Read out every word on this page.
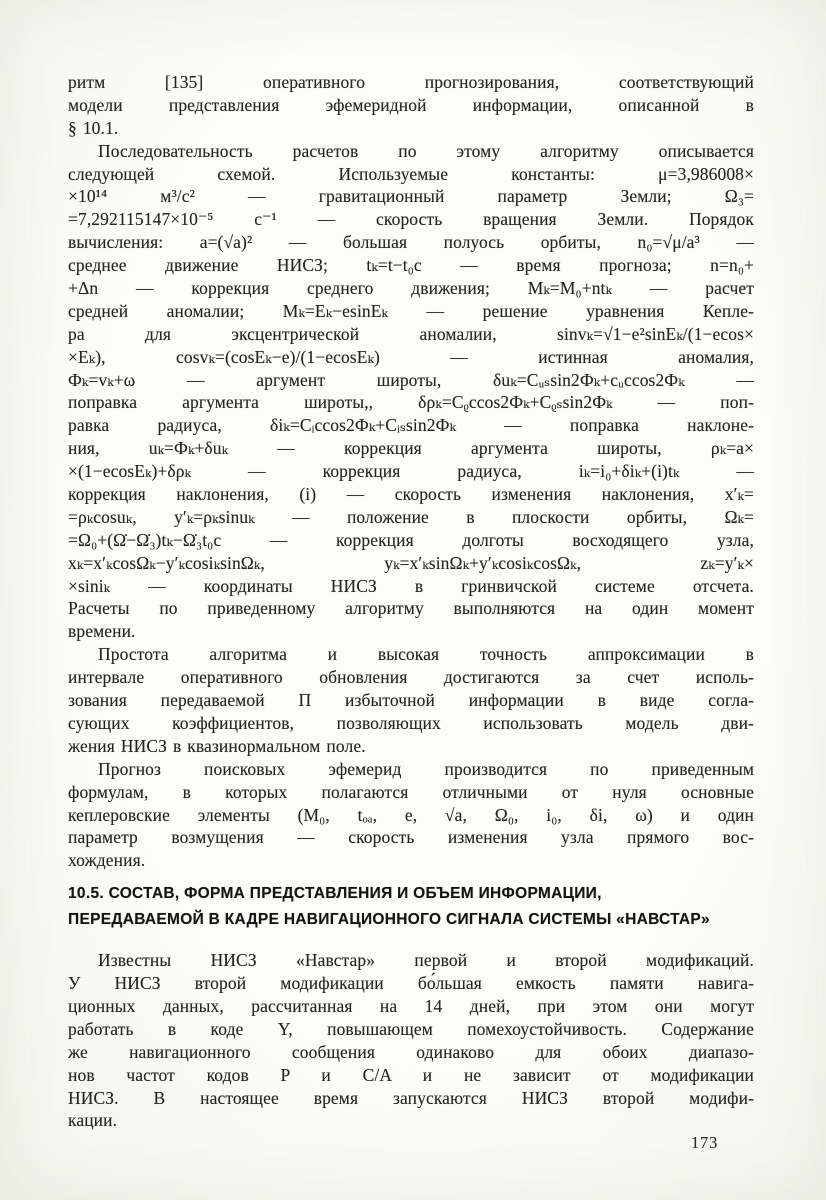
ритм [135] оперативного прогнозирования, соответствующий
модели представления эфемеридной информации, описанной в
§ 10.1.
Последовательность расчетов по этому алгоритму описывается
следующей схемой. Используемые константы: μ=3,986008×
×10¹⁴ м³/с² — гравитационный параметр Земли; Ω₃=
=7,292115147×10⁻⁵ с⁻¹ — скорость вращения Земли. Порядок
вычисления: a=(√a)² — большая полуось орбиты, n₀=√μ/a³ —
среднее движение НИСЗ; tₖ=t−t₀c — время прогноза; n=n₀+
+Δn — коррекция среднего движения; Mₖ=M₀+ntₖ — расчет
средней аномалии; Mₖ=Eₖ−esinEₖ — решение уравнения Кепле-
ра для эксцентрической аномалии, sinvₖ=√1−e²sinEₖ/(1−ecos×
×Eₖ), cosvₖ=(cosEₖ−e)/(1−ecosEₖ) — истинная аномалия,
Фₖ=vₖ+ω — аргумент широты, δuₖ=Cᵤₛsin2Фₖ+cᵤccos2Фₖ —
поправка аргумента широты,, δρₖ=Cᵨccos2Фₖ+Cᵨₛsin2Фₖ — поп-
равка радиуса, δiₖ=Cᵢccos2Фₖ+Cᵢₛsin2Фₖ — поправка наклоне-
ния, uₖ=Фₖ+δuₖ — коррекция аргумента широты, ρₖ=a×
×(1−ecosEₖ)+δρₖ — коррекция радиуса, iₖ=i₀+δiₖ+(i)tₖ —
коррекция наклонения, (i) — скорость изменения наклонения, x′ₖ=
=ρₖcosuₖ, y′ₖ=ρₖsinuₖ — положение в плоскости орбиты, Ωₖ=
=Ω₀+(Ω̇−Ω̇₃)tₖ−Ω̇₃t₀c — коррекция долготы восходящего узла,
xₖ=x′ₖcosΩₖ−y′ₖcosiₖsinΩₖ, yₖ=x′ₖsinΩₖ+y′ₖcosiₖcosΩₖ, zₖ=y′ₖ×
×siniₖ — координаты НИСЗ в гринвичской системе отсчета.
Расчеты по приведенному алгоритму выполняются на один момент
времени.
Простота алгоритма и высокая точность аппроксимации в
интервале оперативного обновления достигаются за счет исполь-
зования передаваемой П избыточной информации в виде согла-
сующих коэффициентов, позволяющих использовать модель дви-
жения НИСЗ в квазинормальном поле.
Прогноз поисковых эфемерид производится по приведенным
формулам, в которых полагаются отличными от нуля основные
кеплеровские элементы (M₀, tₒₐ, e, √a, Ω₀, i₀, δi, ω) и один
параметр возмущения — скорость изменения узла прямого вос-
хождения.
10.5. СОСТАВ, ФОРМА ПРЕДСТАВЛЕНИЯ И ОБЪЕМ ИНФОРМАЦИИ,
ПЕРЕДАВАЕМОЙ В КАДРЕ НАВИГАЦИОННОГО СИГНАЛА СИСТЕМЫ «НАВСТАР»
Известны НИСЗ «Навстар» первой и второй модификаций.
У НИСЗ второй модификации бо́льшая емкость памяти навига-
ционных данных, рассчитанная на 14 дней, при этом они могут
работать в коде Y, повышающем помехоустойчивость. Содержание
же навигационного сообщения одинаково для обоих диапазо-
нов частот кодов P и C/A и не зависит от модификации
НИСЗ. В настоящее время запускаются НИСЗ второй модифи-
кации.
173
